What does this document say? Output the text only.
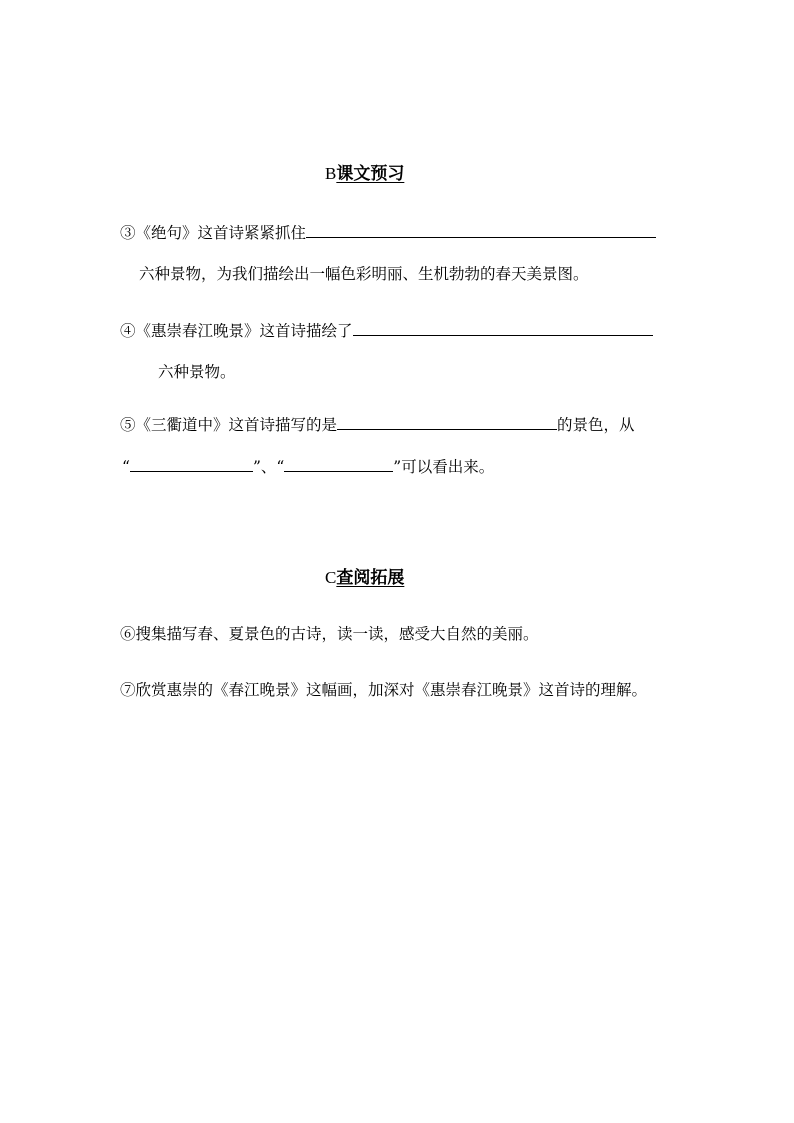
B课文预习
③《绝句》这首诗紧紧抓住
六种景物，为我们描绘出一幅色彩明丽、生机勃勃的春天美景图。
④《惠崇春江晚景》这首诗描绘了
六种景物。
⑤《三衢道中》这首诗描写的是	的景色，从
“	”、“	”可以看出来。
C查阅拓展
⑥搜集描写春、夏景色的古诗，读一读，感受大自然的美丽。
⑦欣赏惠崇的《春江晚景》这幅画，加深对《惠崇春江晚景》这首诗的理解。
